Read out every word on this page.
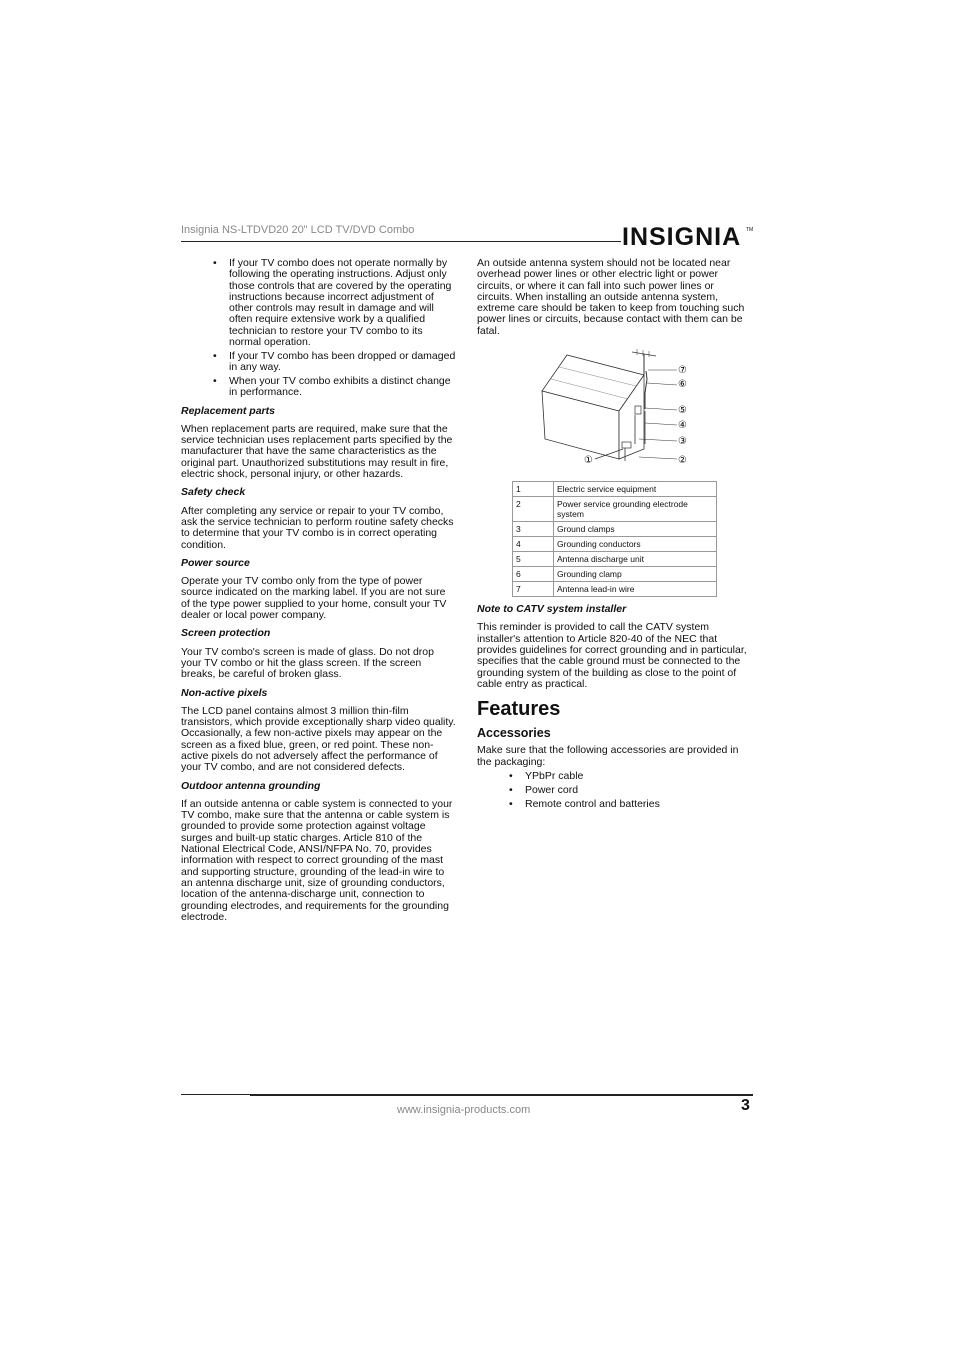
Insignia NS-LTDVD20 20" LCD TV/DVD Combo	INSIGNIA TM
• If your TV combo does not operate normally by following the operating instructions. Adjust only those controls that are covered by the operating instructions because incorrect adjustment of other controls may result in damage and will often require extensive work by a qualified technician to restore your TV combo to its normal operation.
• If your TV combo has been dropped or damaged in any way.
• When your TV combo exhibits a distinct change in performance.
Replacement parts

When replacement parts are required, make sure that the service technician uses replacement parts specified by the manufacturer that have the same characteristics as the original part. Unauthorized substitutions may result in fire, electric shock, personal injury, or other hazards.

Safety check

After completing any service or repair to your TV combo, ask the service technician to perform routine safety checks to determine that your TV combo is in correct operating condition.

Power source

Operate your TV combo only from the type of power source indicated on the marking label. If you are not sure of the type power supplied to your home, consult your TV dealer or local power company.

Screen protection

Your TV combo's screen is made of glass. Do not drop your TV combo or hit the glass screen. If the screen breaks, be careful of broken glass.

Non-active pixels

The LCD panel contains almost 3 million thin-film transistors, which provide exceptionally sharp video quality. Occasionally, a few non-active pixels may appear on the screen as a fixed blue, green, or red point. These non-active pixels do not adversely affect the performance of your TV combo, and are not considered defects.

Outdoor antenna grounding

If an outside antenna or cable system is connected to your TV combo, make sure that the antenna or cable system is grounded to provide some protection against voltage surges and built-up static charges. Article 810 of the National Electrical Code, ANSI/NFPA No. 70, provides information with respect to correct grounding of the mast and supporting structure, grounding of the lead-in wire to an antenna discharge unit, size of grounding conductors, location of the antenna-discharge unit, connection to grounding electrodes, and requirements for the grounding electrode.

An outside antenna system should not be located near overhead power lines or other electric light or power circuits, or where it can fall into such power lines or circuits. When installing an outside antenna system, extreme care should be taken to keep from touching such power lines or circuits, because contact with them can be fatal.

⑦
⑥
⑤
④
③
②
①
1	Electric service equipment
2	Power service grounding electrode system
3	Ground clamps
4	Grounding conductors
5	Antenna discharge unit
6	Grounding clamp
7	Antenna lead-in wire
Note to CATV system installer

This reminder is provided to call the CATV system installer's attention to Article 820-40 of the NEC that provides guidelines for correct grounding and in particular, specifies that the cable ground must be connected to the grounding system of the building as close to the point of cable entry as practical.

Features
Accessories

Make sure that the following accessories are provided in the packaging:

• YPbPr cable
• Power cord
• Remote control and batteries
www.insignia-products.com	3
